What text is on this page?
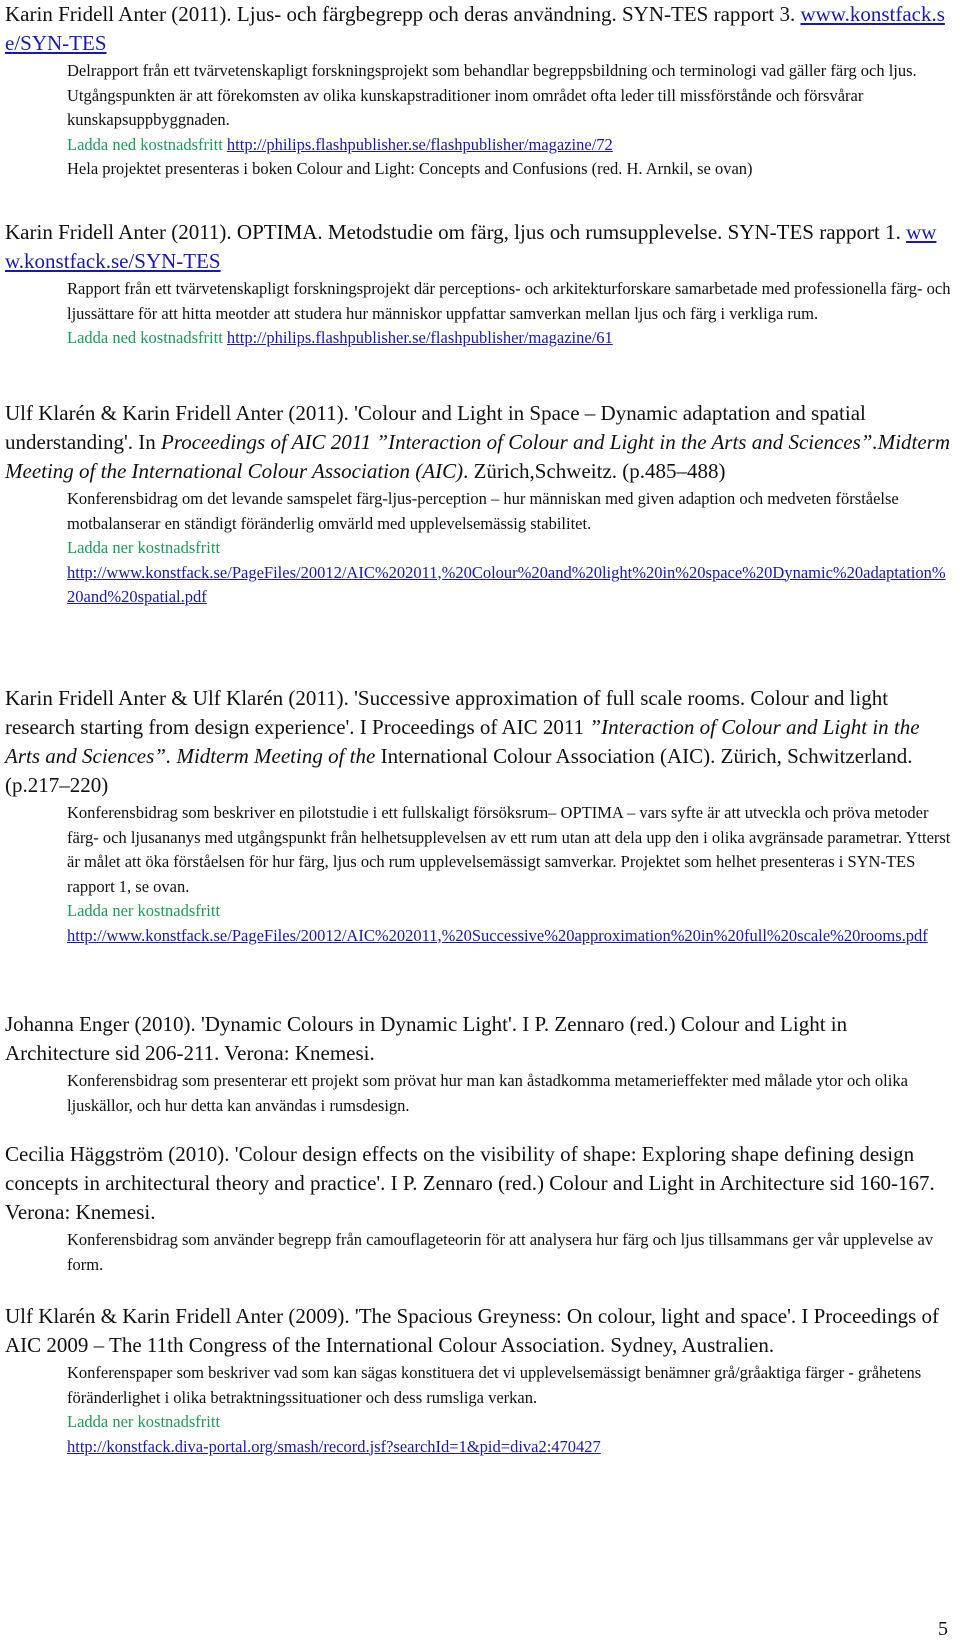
Karin Fridell Anter (2011). Ljus- och färgbegrepp och deras användning. SYN-TES rapport 3. www.konstfack.se/SYN-TES

Delrapport från ett tvärvetenskapligt forskningsprojekt som behandlar begreppsbildning och terminologi vad gäller färg och ljus. Utgångspunkten är att förekomsten av olika kunskapstraditioner inom området ofta leder till missförstånde och försvårar kunskapsuppbyggnaden.
Ladda ned kostnadsfritt http://philips.flashpublisher.se/flashpublisher/magazine/72
Hela projektet presenteras i boken Colour and Light: Concepts and Confusions (red. H. Arnkil, se ovan)

Karin Fridell Anter (2011). OPTIMA. Metodstudie om färg, ljus och rumsupplevelse. SYN-TES rapport 1. www.konstfack.se/SYN-TES

Rapport från ett tvärvetenskapligt forskningsprojekt där perceptions- och arkitekturforskare samarbetade med professionella färg- och ljussättare för att hitta meotder att studera hur människor uppfattar samverkan mellan ljus och färg i verkliga rum.
Ladda ned kostnadsfritt http://philips.flashpublisher.se/flashpublisher/magazine/61

Ulf Klarén & Karin Fridell Anter (2011). 'Colour and Light in Space – Dynamic adaptation and spatial understanding'. In Proceedings of AIC 2011 ”Interaction of Colour and Light in the Arts and Sciences”.Midterm Meeting of the International Colour Association (AIC). Zürich,Schweitz. (p.485–488)

Konferensbidrag om det levande samspelet färg-ljus-perception – hur människan med given adaption och medveten förståelse motbalanserar en ständigt föränderlig omvärld med upplevelsemässig stabilitet.
Ladda ner kostnadsfritt
http://www.konstfack.se/PageFiles/20012/AIC%202011,%20Colour%20and%20light%20in%20space%20Dynamic%20adaptation%20and%20spatial.pdf

Karin Fridell Anter & Ulf Klarén (2011). 'Successive approximation of full scale rooms. Colour and light research starting from design experience'. I Proceedings of AIC 2011 ”Interaction of Colour and Light in the Arts and Sciences”. Midterm Meeting of the International Colour Association (AIC). Zürich, Schwitzerland.(p.217–220)

Konferensbidrag som beskriver en pilotstudie i ett fullskaligt försöksrum– OPTIMA – vars syfte är att utveckla och pröva metoder färg- och ljusananys med utgångspunkt från helhetsupplevelsen av ett rum utan att dela upp den i olika avgränsade parametrar. Ytterst är målet att öka förståelsen för hur färg, ljus och rum upplevelsemässigt samverkar. Projektet som helhet presenteras i SYN-TES rapport 1, se ovan.
Ladda ner kostnadsfritt
http://www.konstfack.se/PageFiles/20012/AIC%202011,%20Successive%20approximation%20in%20full%20scale%20rooms.pdf

Johanna Enger (2010). 'Dynamic Colours in Dynamic Light'. I P. Zennaro (red.) Colour and Light in Architecture sid 206-211. Verona: Knemesi.

Konferensbidrag som presenterar ett projekt som prövat hur man kan åstadkomma metamerieffekter med målade ytor och olika ljuskällor, och hur detta kan användas i rumsdesign.

Cecilia Häggström (2010). 'Colour design effects on the visibility of shape: Exploring shape defining design concepts in architectural theory and practice'. I P. Zennaro (red.) Colour and Light in Architecture sid 160-167. Verona: Knemesi.

Konferensbidrag som använder begrepp från camouflageteorin för att analysera hur färg och ljus tillsammans ger vår upplevelse av form.

Ulf Klarén & Karin Fridell Anter (2009). 'The Spacious Greyness: On colour, light and space'. I Proceedings of AIC 2009 – The 11th Congress of the International Colour Association. Sydney, Australien.

Konferenspaper som beskriver vad som kan sägas konstituera det vi upplevelsemässigt benämner grå/gråaktiga färger - gråhetens föränderlighet i olika betraktningssituationer och dess rumsliga verkan.
Ladda ner kostnadsfritt
http://konstfack.diva-portal.org/smash/record.jsf?searchId=1&pid=diva2:470427
5
